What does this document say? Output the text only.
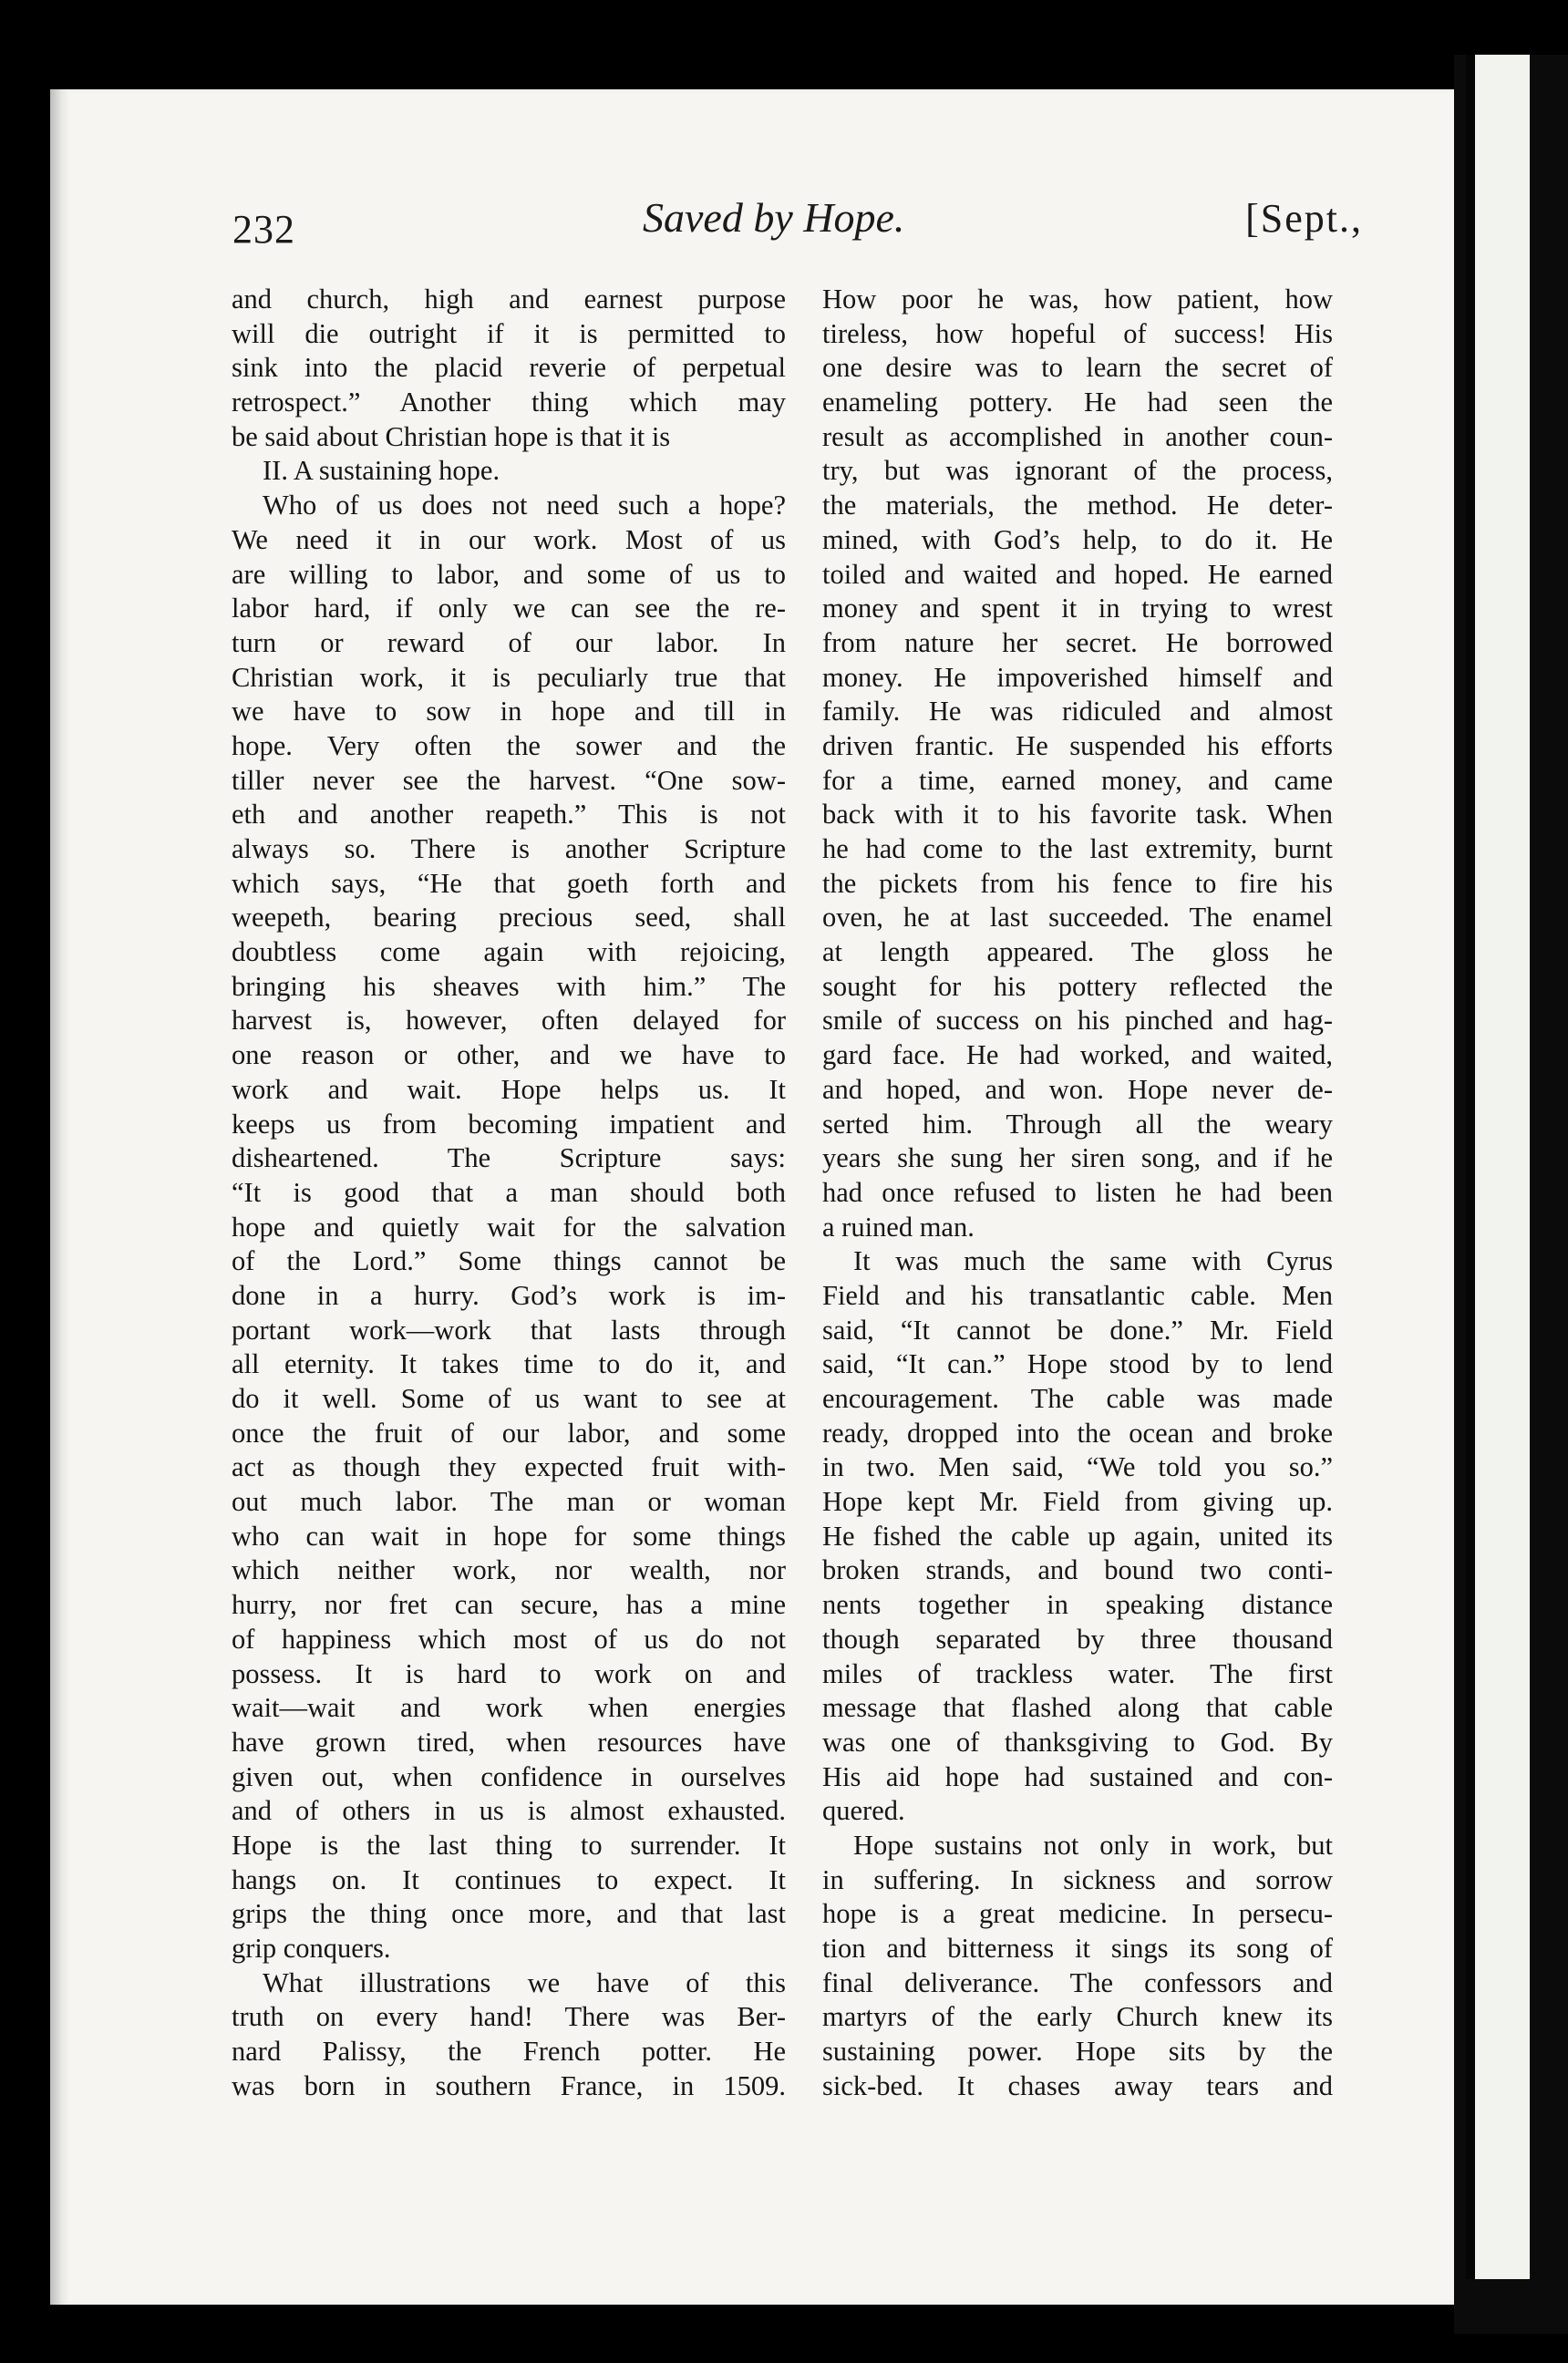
232	Saved by Hope.	[Sept.,
and church, high and earnest purpose
will die outright if it is permitted to
sink into the placid reverie of perpetual
retrospect.” Another thing which may
be said about Christian hope is that it is
II. A sustaining hope.
Who of us does not need such a hope?
We need it in our work. Most of us
are willing to labor, and some of us to
labor hard, if only we can see the re-
turn or reward of our labor. In
Christian work, it is peculiarly true that
we have to sow in hope and till in
hope. Very often the sower and the
tiller never see the harvest. “One sow-
eth and another reapeth.” This is not
always so. There is another Scripture
which says, “He that goeth forth and
weepeth, bearing precious seed, shall
doubtless come again with rejoicing,
bringing his sheaves with him.” The
harvest is, however, often delayed for
one reason or other, and we have to
work and wait. Hope helps us. It
keeps us from becoming impatient and
disheartened. The Scripture says:
“It is good that a man should both
hope and quietly wait for the salvation
of the Lord.” Some things cannot be
done in a hurry. God’s work is im-
portant work—work that lasts through
all eternity. It takes time to do it, and
do it well. Some of us want to see at
once the fruit of our labor, and some
act as though they expected fruit with-
out much labor. The man or woman
who can wait in hope for some things
which neither work, nor wealth, nor
hurry, nor fret can secure, has a mine
of happiness which most of us do not
possess. It is hard to work on and
wait—wait and work when energies
have grown tired, when resources have
given out, when confidence in ourselves
and of others in us is almost exhausted.
Hope is the last thing to surrender. It
hangs on. It continues to expect. It
grips the thing once more, and that last
grip conquers.
What illustrations we have of this
truth on every hand! There was Ber-
nard Palissy, the French potter. He
was born in southern France, in 1509.
How poor he was, how patient, how
tireless, how hopeful of success! His
one desire was to learn the secret of
enameling pottery. He had seen the
result as accomplished in another coun-
try, but was ignorant of the process,
the materials, the method. He deter-
mined, with God’s help, to do it. He
toiled and waited and hoped. He earned
money and spent it in trying to wrest
from nature her secret. He borrowed
money. He impoverished himself and
family. He was ridiculed and almost
driven frantic. He suspended his efforts
for a time, earned money, and came
back with it to his favorite task. When
he had come to the last extremity, burnt
the pickets from his fence to fire his
oven, he at last succeeded. The enamel
at length appeared. The gloss he
sought for his pottery reflected the
smile of success on his pinched and hag-
gard face. He had worked, and waited,
and hoped, and won. Hope never de-
serted him. Through all the weary
years she sung her siren song, and if he
had once refused to listen he had been
a ruined man.
It was much the same with Cyrus
Field and his transatlantic cable. Men
said, “It cannot be done.” Mr. Field
said, “It can.” Hope stood by to lend
encouragement. The cable was made
ready, dropped into the ocean and broke
in two. Men said, “We told you so.”
Hope kept Mr. Field from giving up.
He fished the cable up again, united its
broken strands, and bound two conti-
nents together in speaking distance
though separated by three thousand
miles of trackless water. The first
message that flashed along that cable
was one of thanksgiving to God. By
His aid hope had sustained and con-
quered.
Hope sustains not only in work, but
in suffering. In sickness and sorrow
hope is a great medicine. In persecu-
tion and bitterness it sings its song of
final deliverance. The confessors and
martyrs of the early Church knew its
sustaining power. Hope sits by the
sick-bed. It chases away tears and
